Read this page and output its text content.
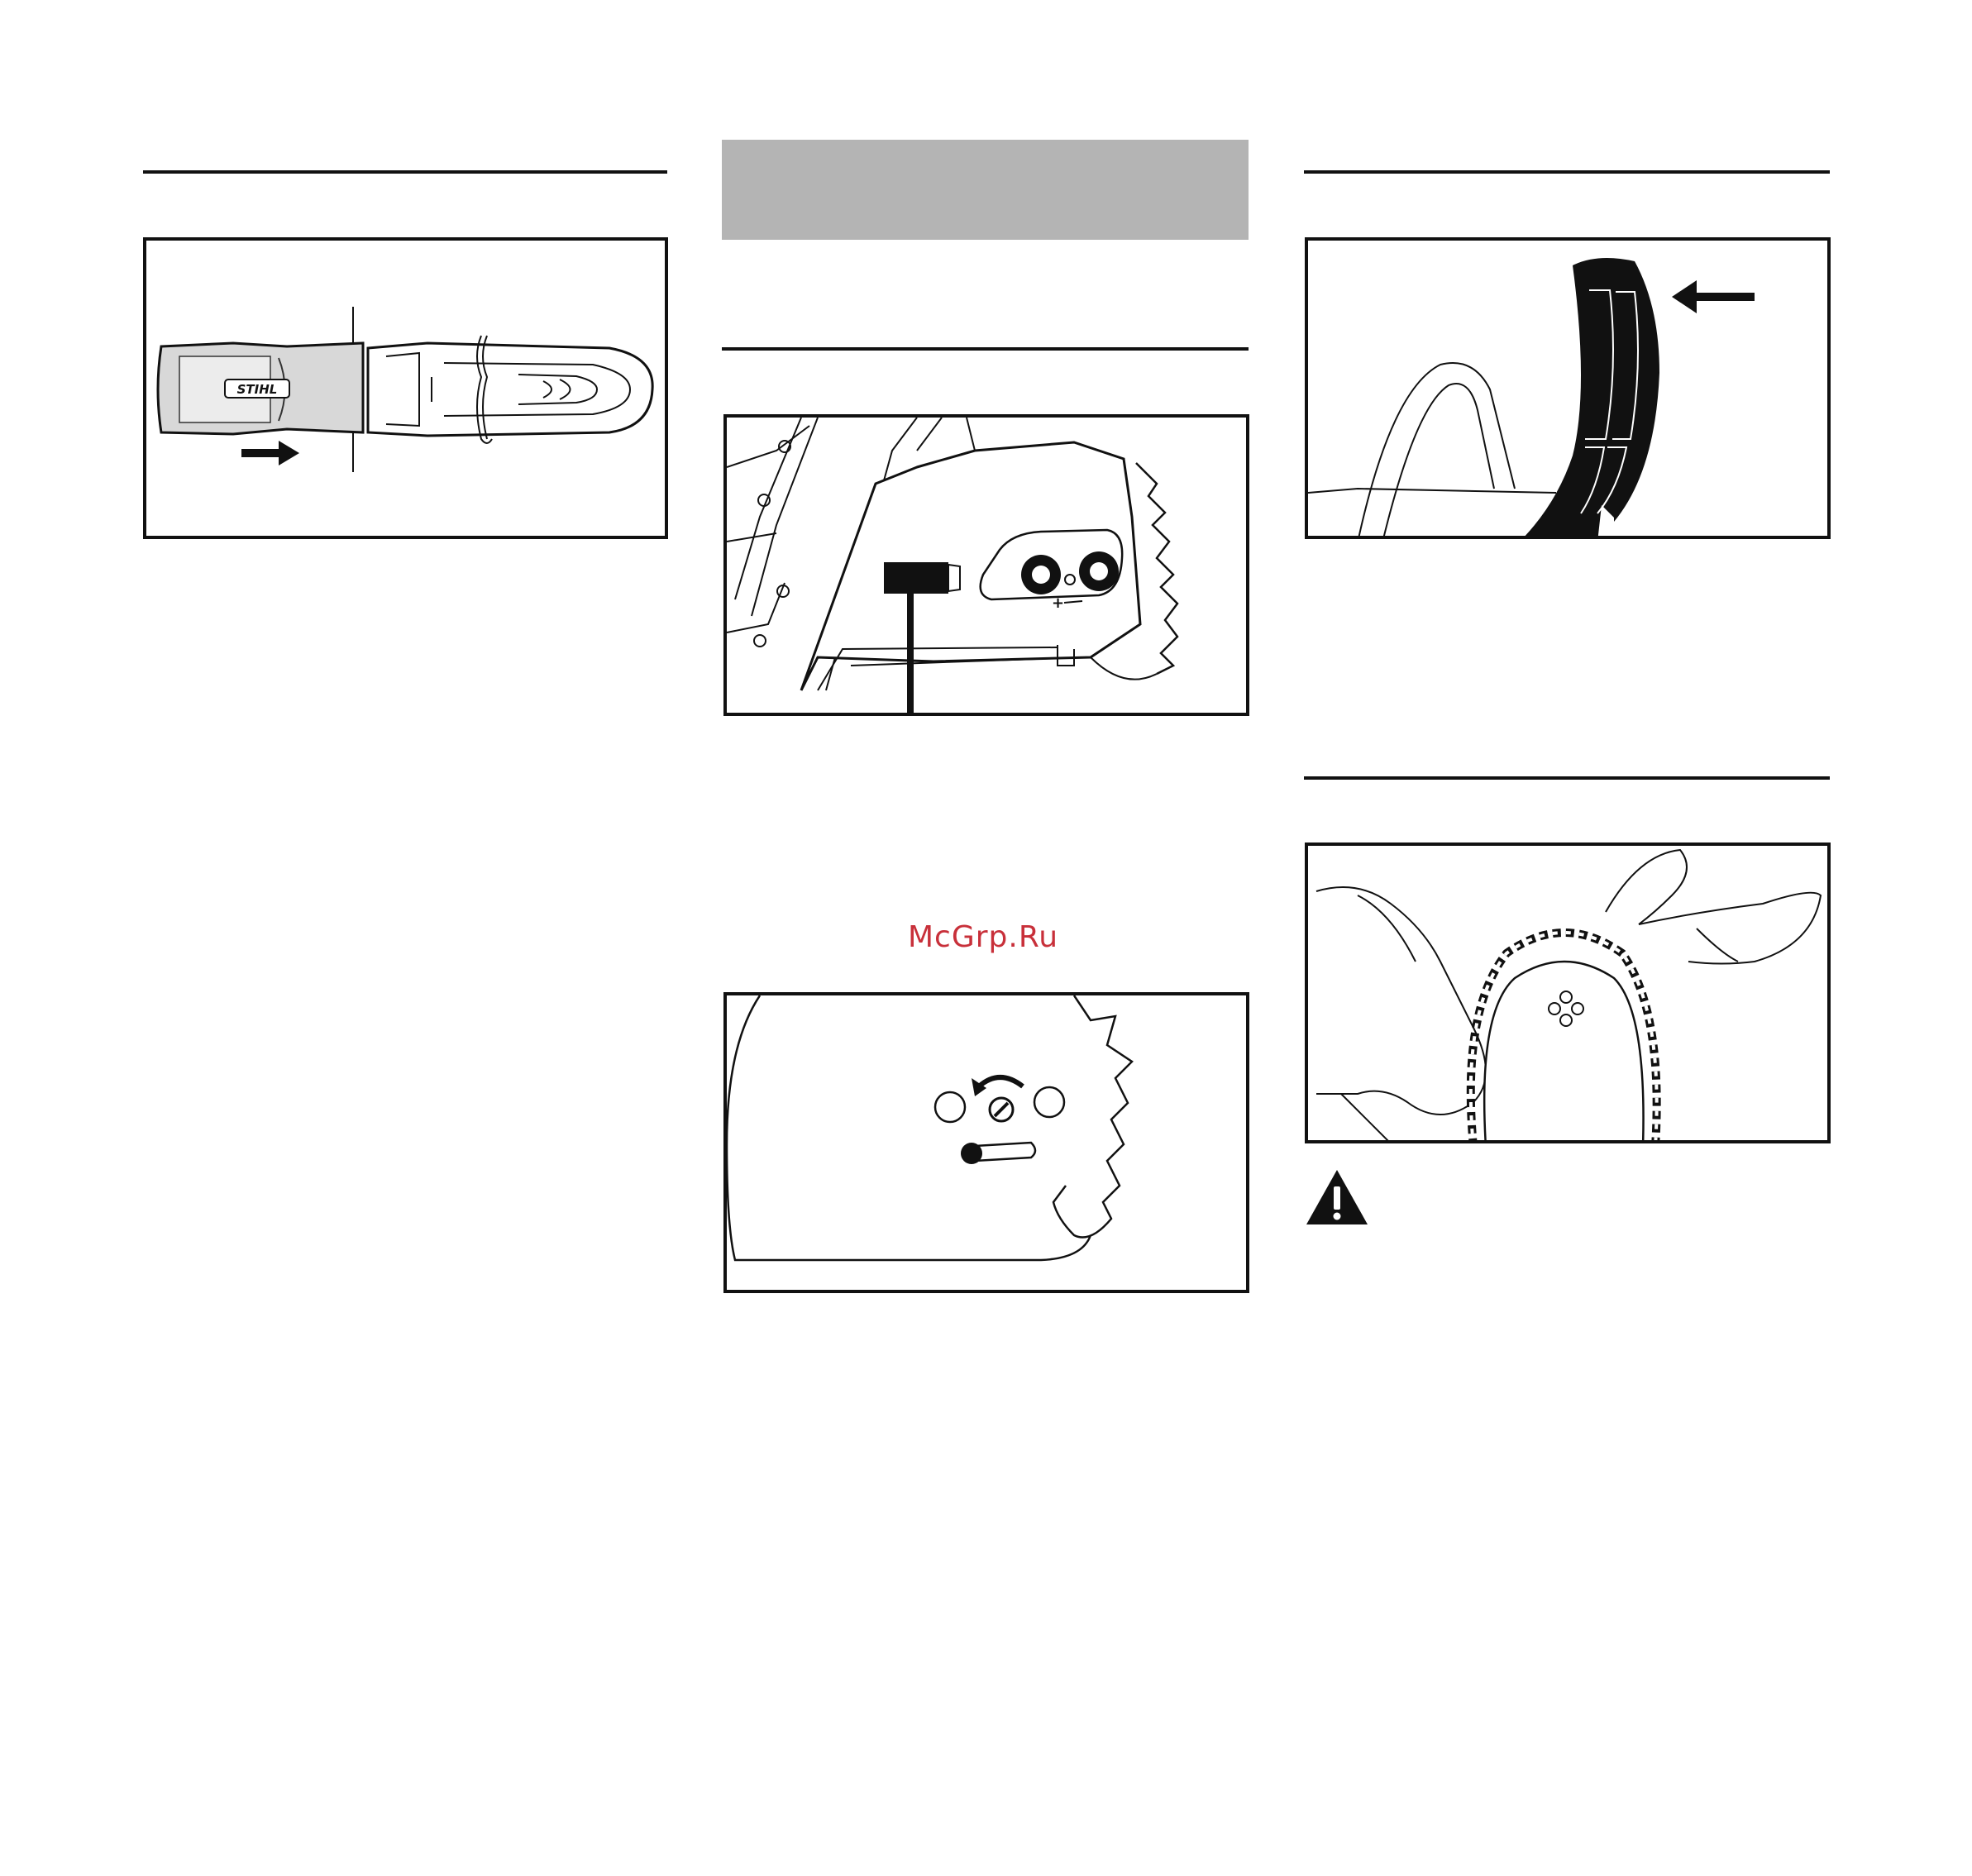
STIHL
+
McGrp.Ru
